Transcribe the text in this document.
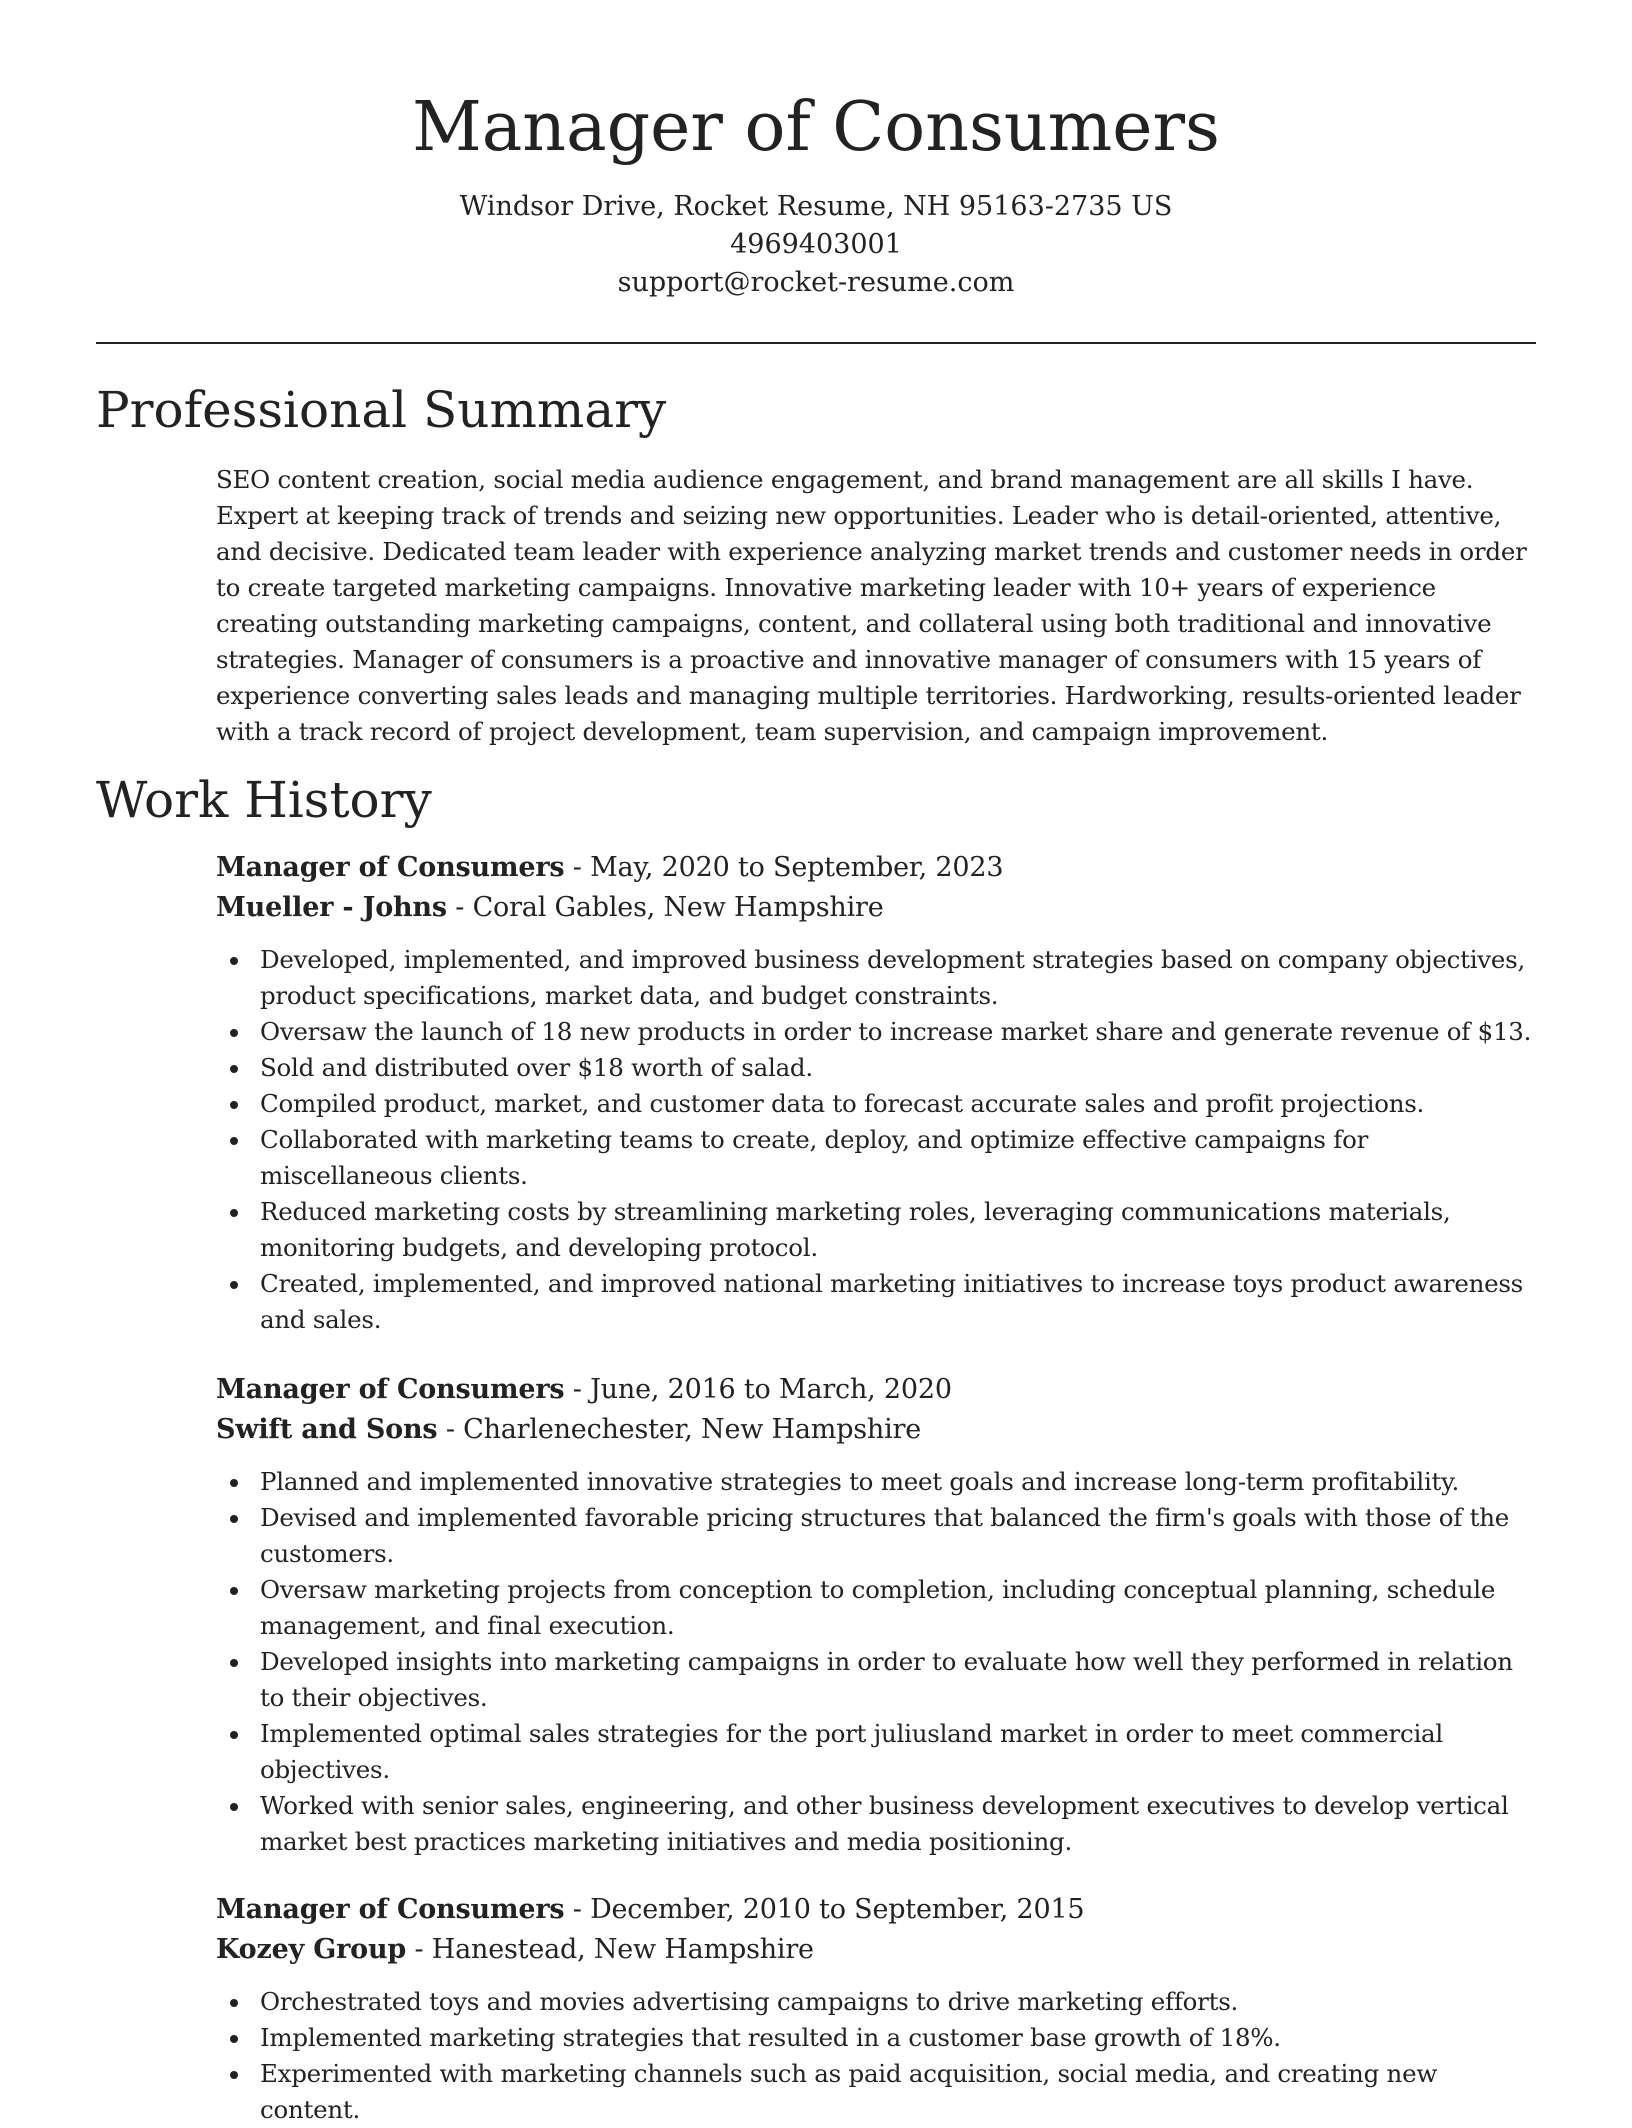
Manager of Consumers
Windsor Drive, Rocket Resume, NH 95163-2735 US
4969403001
support@rocket-resume.com
Professional Summary

SEO content creation, social media audience engagement, and brand management are all skills I have. Expert at keeping track of trends and seizing new opportunities. Leader who is detail-oriented, attentive, and decisive. Dedicated team leader with experience analyzing market trends and customer needs in order to create targeted marketing campaigns. Innovative marketing leader with 10+ years of experience creating outstanding marketing campaigns, content, and collateral using both traditional and innovative strategies. Manager of consumers is a proactive and innovative manager of consumers with 15 years of experience converting sales leads and managing multiple territories. Hardworking, results-oriented leader with a track record of project development, team supervision, and campaign improvement.

Work History
Manager of Consumers - May, 2020 to September, 2023
Mueller - Johns - Coral Gables, New Hampshire
Developed, implemented, and improved business development strategies based on company objectives, product specifications, market data, and budget constraints.
Oversaw the launch of 18 new products in order to increase market share and generate revenue of $13.
Sold and distributed over $18 worth of salad.
Compiled product, market, and customer data to forecast accurate sales and profit projections.
Collaborated with marketing teams to create, deploy, and optimize effective campaigns for miscellaneous clients.
Reduced marketing costs by streamlining marketing roles, leveraging communications materials, monitoring budgets, and developing protocol.
Created, implemented, and improved national marketing initiatives to increase toys product awareness and sales.
Manager of Consumers - June, 2016 to March, 2020
Swift and Sons - Charlenechester, New Hampshire
Planned and implemented innovative strategies to meet goals and increase long-term profitability.
Devised and implemented favorable pricing structures that balanced the firm's goals with those of the customers.
Oversaw marketing projects from conception to completion, including conceptual planning, schedule management, and final execution.
Developed insights into marketing campaigns in order to evaluate how well they performed in relation to their objectives.
Implemented optimal sales strategies for the port juliusland market in order to meet commercial objectives.
Worked with senior sales, engineering, and other business development executives to develop vertical market best practices marketing initiatives and media positioning.
Manager of Consumers - December, 2010 to September, 2015
Kozey Group - Hanestead, New Hampshire
Orchestrated toys and movies advertising campaigns to drive marketing efforts.
Implemented marketing strategies that resulted in a customer base growth of 18%.
Experimented with marketing channels such as paid acquisition, social media, and creating new content.
